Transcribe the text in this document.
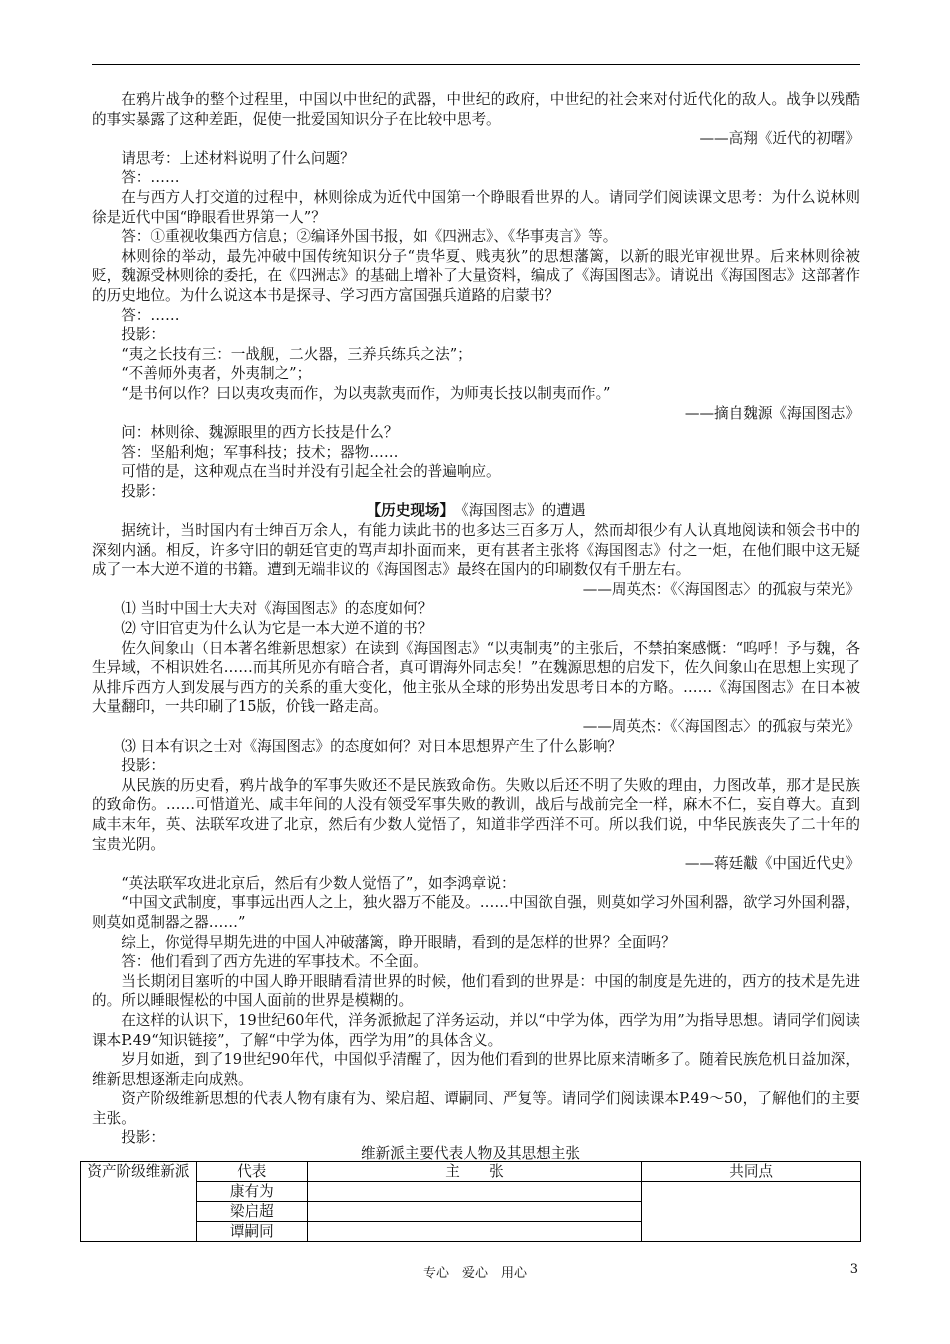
在鸦片战争的整个过程里，中国以中世纪的武器，中世纪的政府，中世纪的社会来对付近代化的敌人。战争以残酷的事实暴露了这种差距，促使一批爱国知识分子在比较中思考。

——高翔《近代的初曙》

请思考：上述材料说明了什么问题？

答：……

在与西方人打交道的过程中，林则徐成为近代中国第一个睁眼看世界的人。请同学们阅读课文思考：为什么说林则徐是近代中国“睁眼看世界第一人”？

答：①重视收集西方信息；②编译外国书报，如《四洲志》、《华事夷言》等。

林则徐的举动，最先冲破中国传统知识分子“贵华夏、贱夷狄”的思想藩篱，以新的眼光审视世界。后来林则徐被贬，魏源受林则徐的委托，在《四洲志》的基础上增补了大量资料，编成了《海国图志》。请说出《海国图志》这部著作的历史地位。为什么说这本书是探寻、学习西方富国强兵道路的启蒙书？

答：……

投影：

“夷之长技有三：一战舰，二火器，三养兵练兵之法”；

“不善师外夷者，外夷制之”；

“是书何以作？曰以夷攻夷而作，为以夷款夷而作，为师夷长技以制夷而作。”

——摘自魏源《海国图志》

问：林则徐、魏源眼里的西方长技是什么？

答：坚船利炮；军事科技；技术；器物……

可惜的是，这种观点在当时并没有引起全社会的普遍响应。

投影：

【历史现场】　《海国图志》的遭遇

据统计，当时国内有士绅百万余人，有能力读此书的也多达三百多万人，然而却很少有人认真地阅读和领会书中的深刻内涵。相反，许多守旧的朝廷官吏的骂声却扑面而来，更有甚者主张将《海国图志》付之一炬，在他们眼中这无疑成了一本大逆不道的书籍。遭到无端非议的《海国图志》最终在国内的印刷数仅有千册左右。

——周英杰：《〈海国图志〉的孤寂与荣光》

⑴ 当时中国士大夫对《海国图志》的态度如何？

⑵ 守旧官吏为什么认为它是一本大逆不道的书？

佐久间象山（日本著名维新思想家）在读到《海国图志》“以夷制夷”的主张后，不禁拍案感慨：“呜呼！予与魏，各生异域，不相识姓名……而其所见亦有暗合者，真可谓海外同志矣！”在魏源思想的启发下，佐久间象山在思想上实现了从排斥西方人到发展与西方的关系的重大变化，他主张从全球的形势出发思考日本的方略。……《海国图志》在日本被大量翻印，一共印刷了15版，价钱一路走高。

——周英杰：《〈海国图志〉的孤寂与荣光》

⑶ 日本有识之士对《海国图志》的态度如何？对日本思想界产生了什么影响？

投影：

从民族的历史看，鸦片战争的军事失败还不是民族致命伤。失败以后还不明了失败的理由，力图改革，那才是民族的致命伤。……可惜道光、咸丰年间的人没有领受军事失败的教训，战后与战前完全一样，麻木不仁，妄自尊大。直到咸丰末年，英、法联军攻进了北京，然后有少数人觉悟了，知道非学西洋不可。所以我们说，中华民族丧失了二十年的宝贵光阴。

——蒋廷黻《中国近代史》

“英法联军攻进北京后，然后有少数人觉悟了”，如李鸿章说：

“中国文武制度，事事远出西人之上，独火器万不能及。……中国欲自强，则莫如学习外国利器，欲学习外国利器，则莫如觅制器之器……”

综上，你觉得早期先进的中国人冲破藩篱，睁开眼睛，看到的是怎样的世界？全面吗？

答：他们看到了西方先进的军事技术。不全面。

当长期闭目塞听的中国人睁开眼睛看清世界的时候，他们看到的世界是：中国的制度是先进的，西方的技术是先进的。所以睡眼惺松的中国人面前的世界是模糊的。

在这样的认识下，19世纪60年代，洋务派掀起了洋务运动，并以“中学为体，西学为用”为指导思想。请同学们阅读课本P.49“知识链接”，了解“中学为体，西学为用”的具体含义。

岁月如逝，到了19世纪90年代，中国似乎清醒了，因为他们看到的世界比原来清晰多了。随着民族危机日益加深，维新思想逐渐走向成熟。

资产阶级维新思想的代表人物有康有为、梁启超、谭嗣同、严复等。请同学们阅读课本P.49～50，了解他们的主要主张。

投影：

维新派主要代表人物及其思想主张
资产阶级维新派	代表	主　　张	共同点
	康有为		
	梁启超		
	谭嗣同		
专心　爱心　用心	3
